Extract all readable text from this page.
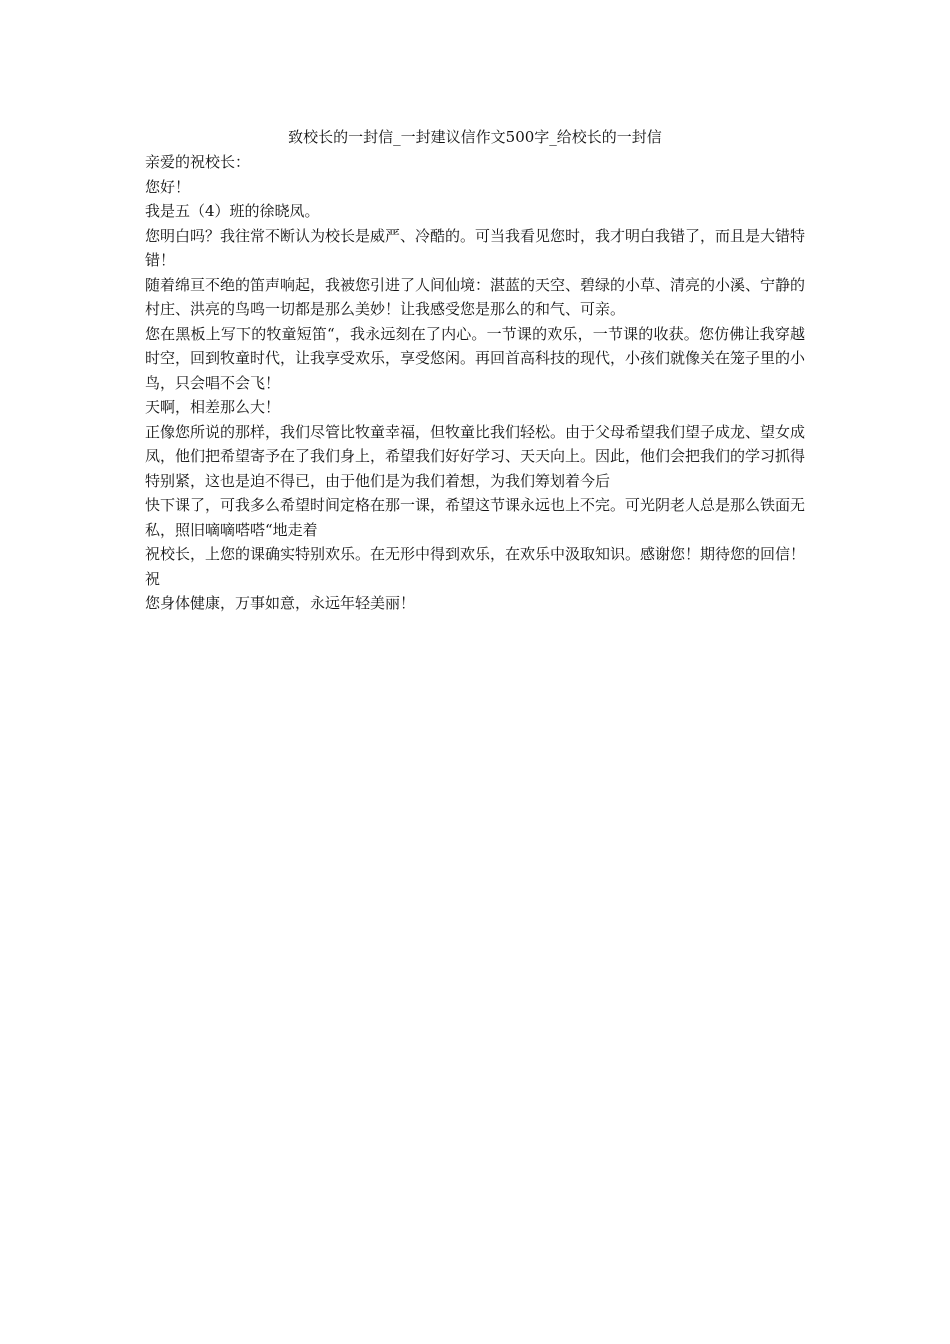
致校长的一封信_一封建议信作文500字_给校长的一封信

亲爱的祝校长：

您好！

我是五（4）班的徐晓凤。

您明白吗？我往常不断认为校长是威严、冷酷的。可当我看见您时，我才明白我错了，而且是大错特错！

随着绵亘不绝的笛声响起，我被您引进了人间仙境：湛蓝的天空、碧绿的小草、清亮的小溪、宁静的村庄、洪亮的鸟鸣一切都是那么美妙！让我感受您是那么的和气、可亲。

您在黑板上写下的牧童短笛“，我永远刻在了内心。一节课的欢乐，一节课的收获。您仿佛让我穿越时空，回到牧童时代，让我享受欢乐，享受悠闲。再回首高科技的现代，小孩们就像关在笼子里的小鸟，只会唱不会飞！

天啊，相差那么大！

正像您所说的那样，我们尽管比牧童幸福，但牧童比我们轻松。由于父母希望我们望子成龙、望女成凤，他们把希望寄予在了我们身上，希望我们好好学习、天天向上。因此，他们会把我们的学习抓得特别紧，这也是迫不得已，由于他们是为我们着想，为我们筹划着今后

快下课了，可我多么希望时间定格在那一课，希望这节课永远也上不完。可光阴老人总是那么铁面无私，照旧嘀嘀嗒嗒“地走着

祝校长，上您的课确实特别欢乐。在无形中得到欢乐，在欢乐中汲取知识。感谢您！期待您的回信！

祝

您身体健康，万事如意，永远年轻美丽！
